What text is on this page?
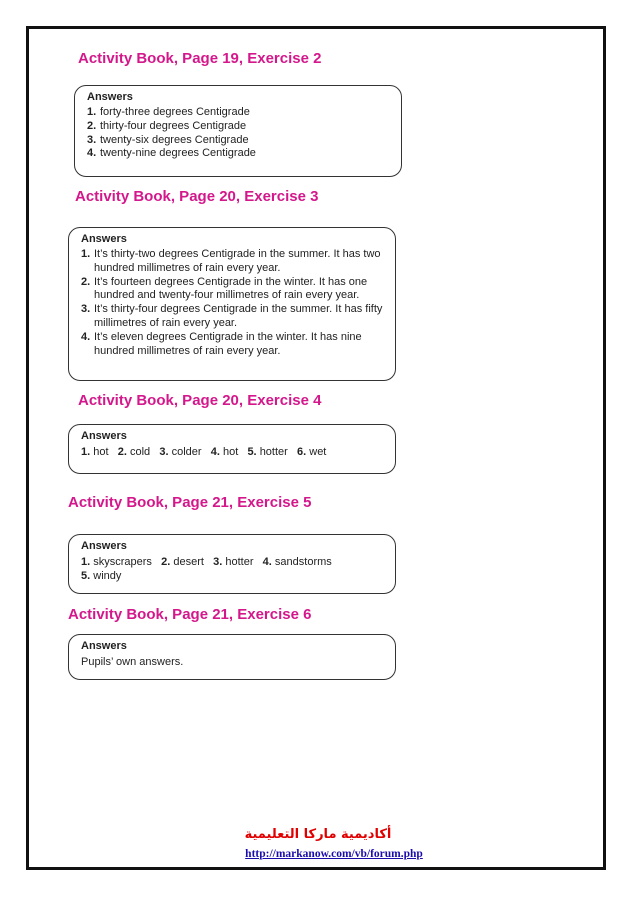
Activity Book, Page 19, Exercise 2
Answers
1. forty-three degrees Centigrade
2. thirty-four degrees Centigrade
3. twenty-six degrees Centigrade
4. twenty-nine degrees Centigrade
Activity Book, Page 20, Exercise 3
Answers
1. It’s thirty-two degrees Centigrade in the summer. It has two hundred millimetres of rain every year.
2. It’s fourteen degrees Centigrade in the winter. It has one hundred and twenty-four millimetres of rain every year.
3. It’s thirty-four degrees Centigrade in the summer. It has fifty millimetres of rain every year.
4. It’s eleven degrees Centigrade in the winter. It has nine hundred millimetres of rain every year.
Activity Book, Page 20, Exercise 4
Answers
1. hot 2. cold 3. colder 4. hot 5. hotter 6. wet
Activity Book, Page 21, Exercise 5
Answers
1. skyscrapers 2. desert 3. hotter 4. sandstorms
5. windy
Activity Book, Page 21, Exercise 6
Answers
Pupils’ own answers.
أكاديمية ماركا التعليمية
http://markanow.com/vb/forum.php
